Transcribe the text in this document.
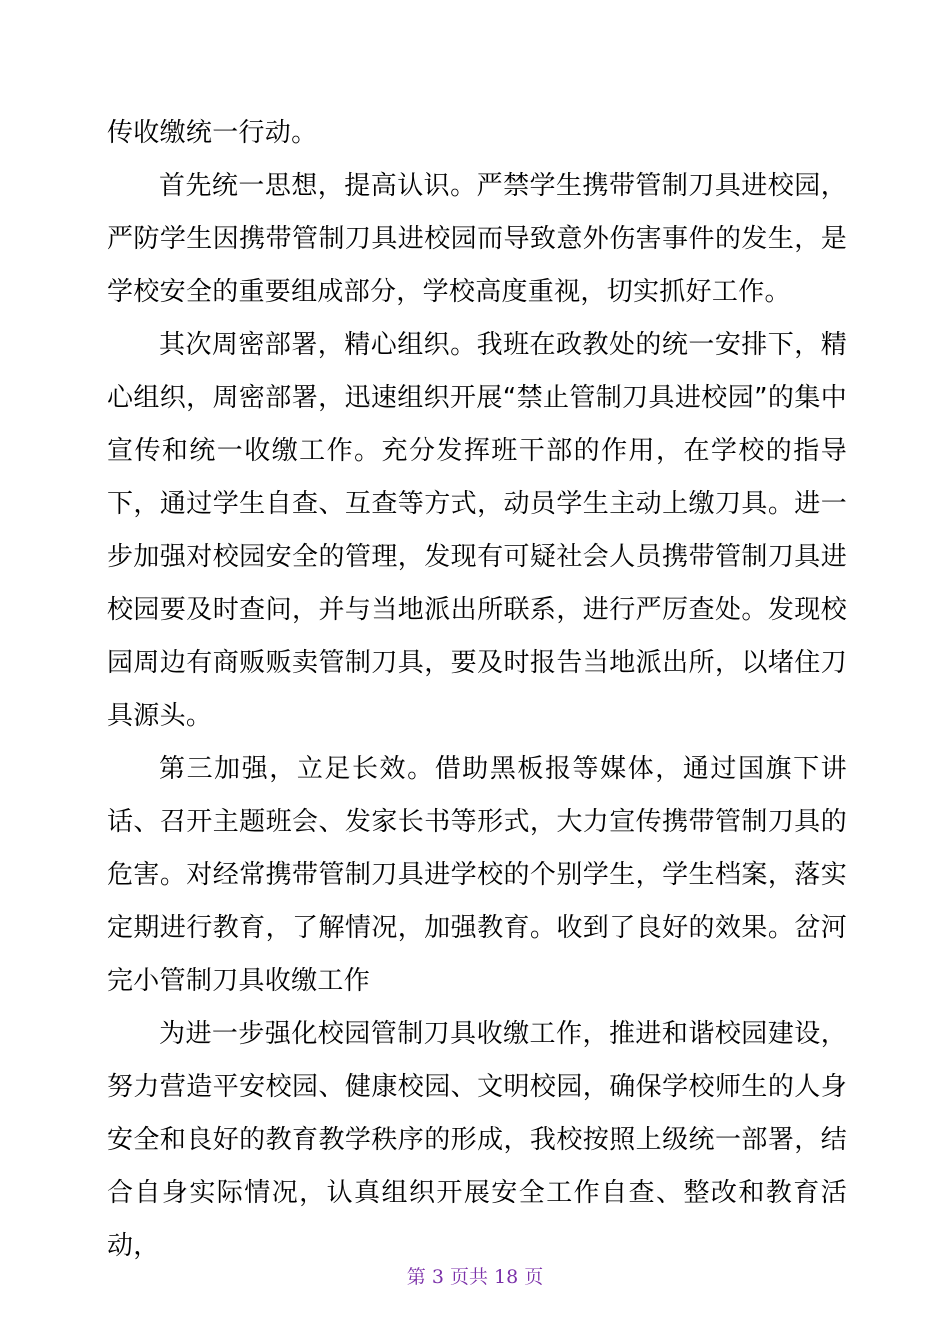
传收缴统一行动。

首先统一思想，提高认识。严禁学生携带管制刀具进校园，严防学生因携带管制刀具进校园而导致意外伤害事件的发生，是学校安全的重要组成部分，学校高度重视，切实抓好工作。

其次周密部署，精心组织。我班在政教处的统一安排下，精心组织，周密部署，迅速组织开展“禁止管制刀具进校园”的集中宣传和统一收缴工作。充分发挥班干部的作用，在学校的指导下，通过学生自查、互查等方式，动员学生主动上缴刀具。进一步加强对校园安全的管理，发现有可疑社会人员携带管制刀具进校园要及时查问，并与当地派出所联系，进行严厉查处。发现校园周边有商贩贩卖管制刀具，要及时报告当地派出所，以堵住刀具源头。

第三加强，立足长效。借助黑板报等媒体，通过国旗下讲话、召开主题班会、发家长书等形式，大力宣传携带管制刀具的危害。对经常携带管制刀具进学校的个别学生，学生档案，落实定期进行教育，了解情况，加强教育。收到了良好的效果。岔河完小管制刀具收缴工作

为进一步强化校园管制刀具收缴工作，推进和谐校园建设，努力营造平安校园、健康校园、文明校园，确保学校师生的人身安全和良好的教育教学秩序的形成，我校按照上级统一部署，结合自身实际情况，认真组织开展安全工作自查、整改和教育活动，

第 3 页共 18 页
